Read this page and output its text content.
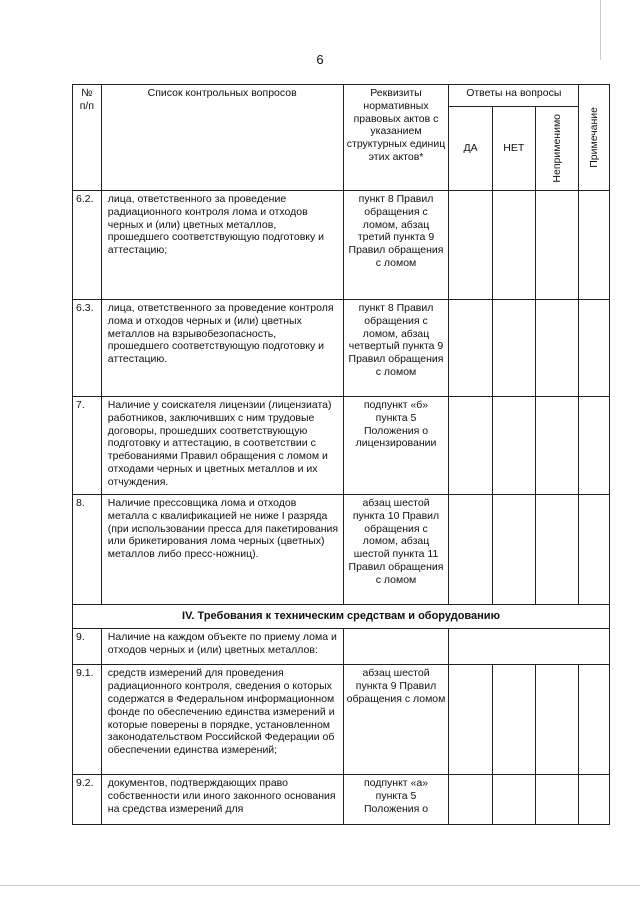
6
№ п/п	Список контрольных вопросов	Реквизиты нормативных правовых актов с указанием структурных единиц этих актов*	Ответы на вопросы			Примечание

			ДА	НЕТ	Неприменимо	

6.2.	лица, ответственного за проведение радиационного контроля лома и отходов черных и (или) цветных металлов, прошедшего соответствующую подготовку и аттестацию;	пункт 8 Правил обращения с ломом, абзац третий пункта 9 Правил обращения с ломом				
6.3.	лица, ответственного за проведение контроля лома и отходов черных и (или) цветных металлов на взрывобезопасность, прошедшего соответствующую подготовку и аттестацию.	пункт 8 Правил обращения с ломом, абзац четвертый пункта 9 Правил обращения с ломом				
7.	Наличие у соискателя лицензии (лицензиата) работников, заключивших с ним трудовые договоры, прошедших соответствующую подготовку и аттестацию, в соответствии с требованиями Правил обращения с ломом и отходами черных и цветных металлов и их отчуждения.	подпункт «б» пункта 5 Положения о лицензировании				
8.	Наличие прессовщика лома и отходов металла с квалификацией не ниже I разряда (при использовании пресса для пакетирования или брикетирования лома черных (цветных) металлов либо пресс-ножниц).	абзац шестой пункта 10 Правил обращения с ломом, абзац шестой пункта 11 Правил обращения с ломом				
IV. Требования к техническим средствам и оборудованию						
9.	Наличие на каждом объекте по приему лома и отходов черных и (или) цветных металлов:					
9.1.	средств измерений для проведения радиационного контроля, сведения о которых содержатся в Федеральном информационном фонде по обеспечению единства измерений и которые поверены в порядке, установленном законодательством Российской Федерации об обеспечении единства измерений;	абзац шестой пункта 9 Правил обращения с ломом				
9.2.	документов, подтверждающих право собственности или иного законного основания на средства измерений для	подпункт «а» пункта 5 Положения о				
